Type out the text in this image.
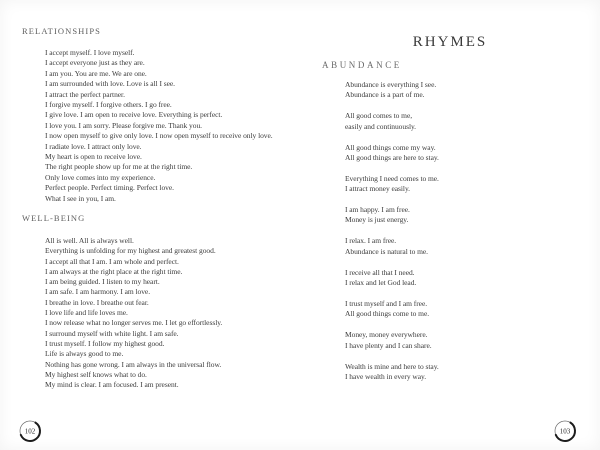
RELATIONSHIPS
I accept myself. I love myself.
I accept everyone just as they are.
I am you. You are me. We are one.
I am surrounded with love. Love is all I see.
I attract the perfect partner.
I forgive myself. I forgive others. I go free.
I give love. I am open to receive love. Everything is perfect.
I love you. I am sorry. Please forgive me. Thank you.
I now open myself to give only love. I now open myself to receive only love.
I radiate love. I attract only love.
My heart is open to receive love.
The right people show up for me at the right time.
Only love comes into my experience.
Perfect people. Perfect timing. Perfect love.
What I see in you, I am.
WELL-BEING
All is well. All is always well.
Everything is unfolding for my highest and greatest good.
I accept all that I am. I am whole and perfect.
I am always at the right place at the right time.
I am being guided. I listen to my heart.
I am safe. I am harmony. I am love.
I breathe in love. I breathe out fear.
I love life and life loves me.
I now release what no longer serves me. I let go effortlessly.
I surround myself with white light. I am safe.
I trust myself. I follow my highest good.
Life is always good to me.
Nothing has gone wrong. I am always in the universal flow.
My highest self knows what to do.
My mind is clear. I am focused. I am present.
102
RHYMES
ABUNDANCE
Abundance is everything I see.
Abundance is a part of me.
All good comes to me,
easily and continuously.
All good things come my way.
All good things are here to stay.
Everything I need comes to me.
I attract money easily.
I am happy. I am free.
Money is just energy.
I relax. I am free.
Abundance is natural to me.
I receive all that I need.
I relax and let God lead.
I trust myself and I am free.
All good things come to me.
Money, money everywhere.
I have plenty and I can share.
Wealth is mine and here to stay.
I have wealth in every way.
103
